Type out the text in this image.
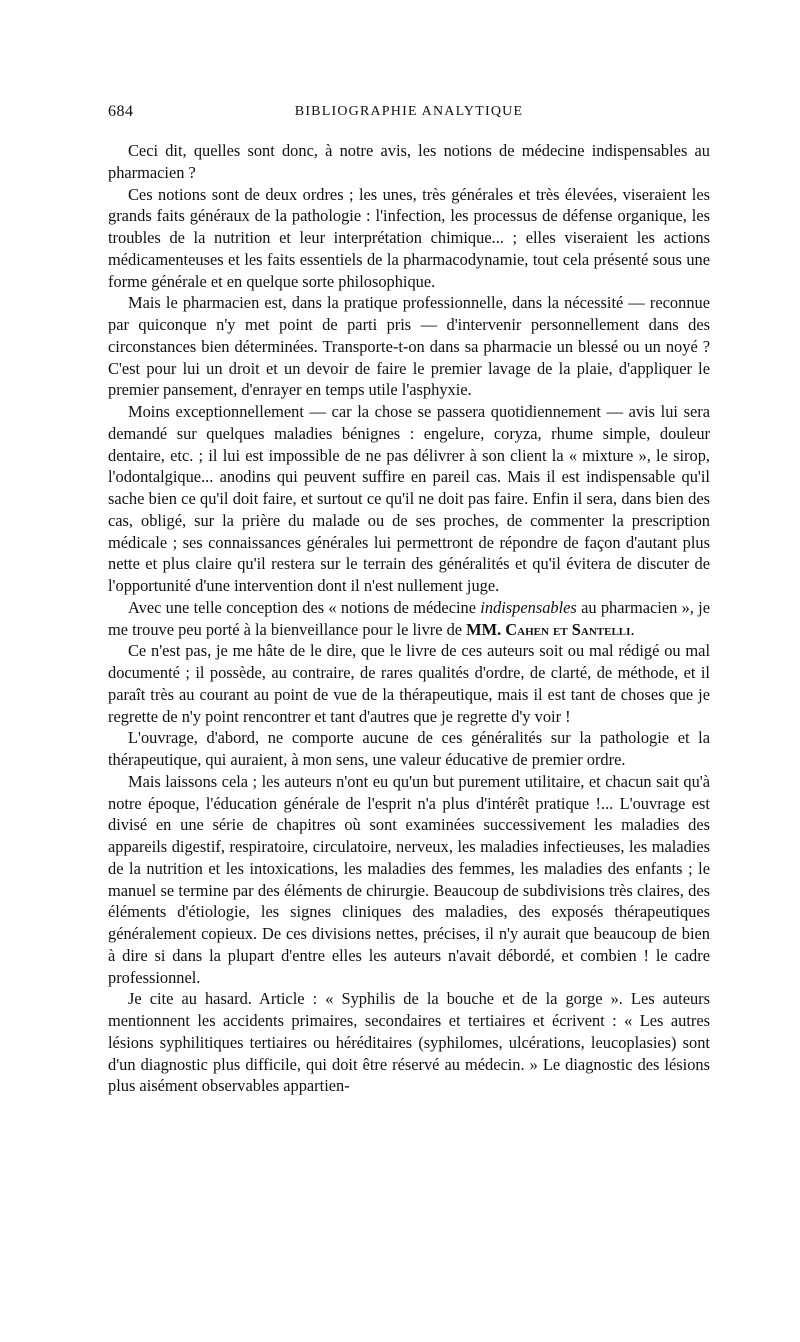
684	BIBLIOGRAPHIE ANALYTIQUE

Ceci dit, quelles sont donc, à notre avis, les notions de médecine indispensables au pharmacien ?

Ces notions sont de deux ordres ; les unes, très générales et très élevées, viseraient les grands faits généraux de la pathologie : l'infection, les processus de défense organique, les troubles de la nutrition et leur interprétation chimique... ; elles viseraient les actions médicamenteuses et les faits essentiels de la pharmacodynamie, tout cela présenté sous une forme générale et en quelque sorte philosophique.

Mais le pharmacien est, dans la pratique professionnelle, dans la nécessité — reconnue par quiconque n'y met point de parti pris — d'intervenir personnellement dans des circonstances bien déterminées. Transporte-t-on dans sa pharmacie un blessé ou un noyé ? C'est pour lui un droit et un devoir de faire le premier lavage de la plaie, d'appliquer le premier pansement, d'enrayer en temps utile l'asphyxie.

Moins exceptionnellement — car la chose se passera quotidiennement — avis lui sera demandé sur quelques maladies bénignes : engelure, coryza, rhume simple, douleur dentaire, etc. ; il lui est impossible de ne pas délivrer à son client la « mixture », le sirop, l'odontalgique... anodins qui peuvent suffire en pareil cas. Mais il est indispensable qu'il sache bien ce qu'il doit faire, et surtout ce qu'il ne doit pas faire. Enfin il sera, dans bien des cas, obligé, sur la prière du malade ou de ses proches, de commenter la prescription médicale ; ses connaissances générales lui permettront de répondre de façon d'autant plus nette et plus claire qu'il restera sur le terrain des généralités et qu'il évitera de discuter de l'opportunité d'une intervention dont il n'est nullement juge.

Avec une telle conception des « notions de médecine indispensables au pharmacien », je me trouve peu porté à la bienveillance pour le livre de MM. Cahen et Santelli.

Ce n'est pas, je me hâte de le dire, que le livre de ces auteurs soit ou mal rédigé ou mal documenté ; il possède, au contraire, de rares qualités d'ordre, de clarté, de méthode, et il paraît très au courant au point de vue de la thérapeutique, mais il est tant de choses que je regrette de n'y point rencontrer et tant d'autres que je regrette d'y voir !

L'ouvrage, d'abord, ne comporte aucune de ces généralités sur la pathologie et la thérapeutique, qui auraient, à mon sens, une valeur éducative de premier ordre.

Mais laissons cela ; les auteurs n'ont eu qu'un but purement utilitaire, et chacun sait qu'à notre époque, l'éducation générale de l'esprit n'a plus d'intérêt pratique !... L'ouvrage est divisé en une série de chapitres où sont examinées successivement les maladies des appareils digestif, respiratoire, circulatoire, nerveux, les maladies infectieuses, les maladies de la nutrition et les intoxications, les maladies des femmes, les maladies des enfants ; le manuel se termine par des éléments de chirurgie. Beaucoup de subdivisions très claires, des éléments d'étiologie, les signes cliniques des maladies, des exposés thérapeutiques généralement copieux. De ces divisions nettes, précises, il n'y aurait que beaucoup de bien à dire si dans la plupart d'entre elles les auteurs n'avait débordé, et combien ! le cadre professionnel.

Je cite au hasard. Article : « Syphilis de la bouche et de la gorge ». Les auteurs mentionnent les accidents primaires, secondaires et tertiaires et écrivent : « Les autres lésions syphilitiques tertiaires ou héréditaires (syphilomes, ulcérations, leucoplasies) sont d'un diagnostic plus difficile, qui doit être réservé au médecin. » Le diagnostic des lésions plus aisément observables appartien-
